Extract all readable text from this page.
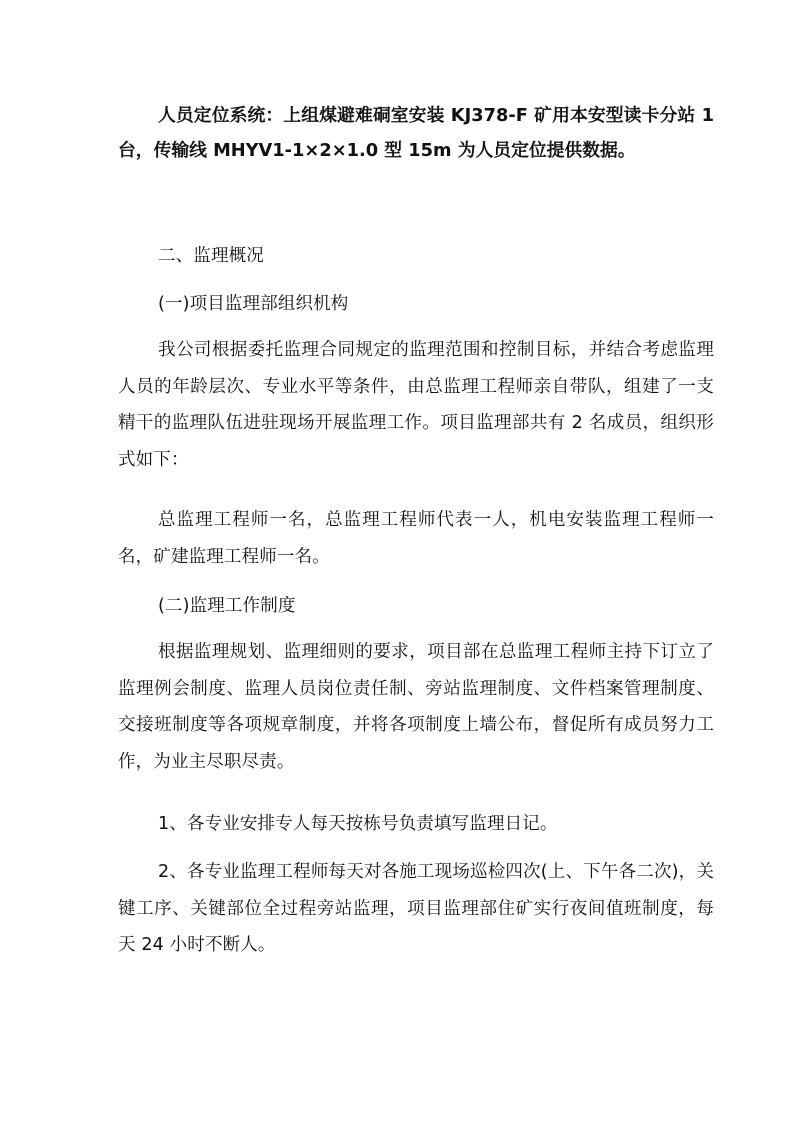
人员定位系统：上组煤避难硐室安装 KJ378-F 矿用本安型读卡分站 1 台，传输线 MHYV1-1×2×1.0 型 15m 为人员定位提供数据。

二、监理概况

(一)项目监理部组织机构

我公司根据委托监理合同规定的监理范围和控制目标，并结合考虑监理人员的年龄层次、专业水平等条件，由总监理工程师亲自带队，组建了一支精干的监理队伍进驻现场开展监理工作。项目监理部共有 2 名成员，组织形式如下：

总监理工程师一名，总监理工程师代表一人，机电安装监理工程师一名，矿建监理工程师一名。

(二)监理工作制度

根据监理规划、监理细则的要求，项目部在总监理工程师主持下订立了监理例会制度、监理人员岗位责任制、旁站监理制度、文件档案管理制度、交接班制度等各项规章制度，并将各项制度上墙公布，督促所有成员努力工作，为业主尽职尽责。

1、各专业安排专人每天按栋号负责填写监理日记。

2、各专业监理工程师每天对各施工现场巡检四次(上、下午各二次)，关键工序、关键部位全过程旁站监理，项目监理部住矿实行夜间值班制度，每天 24 小时不断人。
